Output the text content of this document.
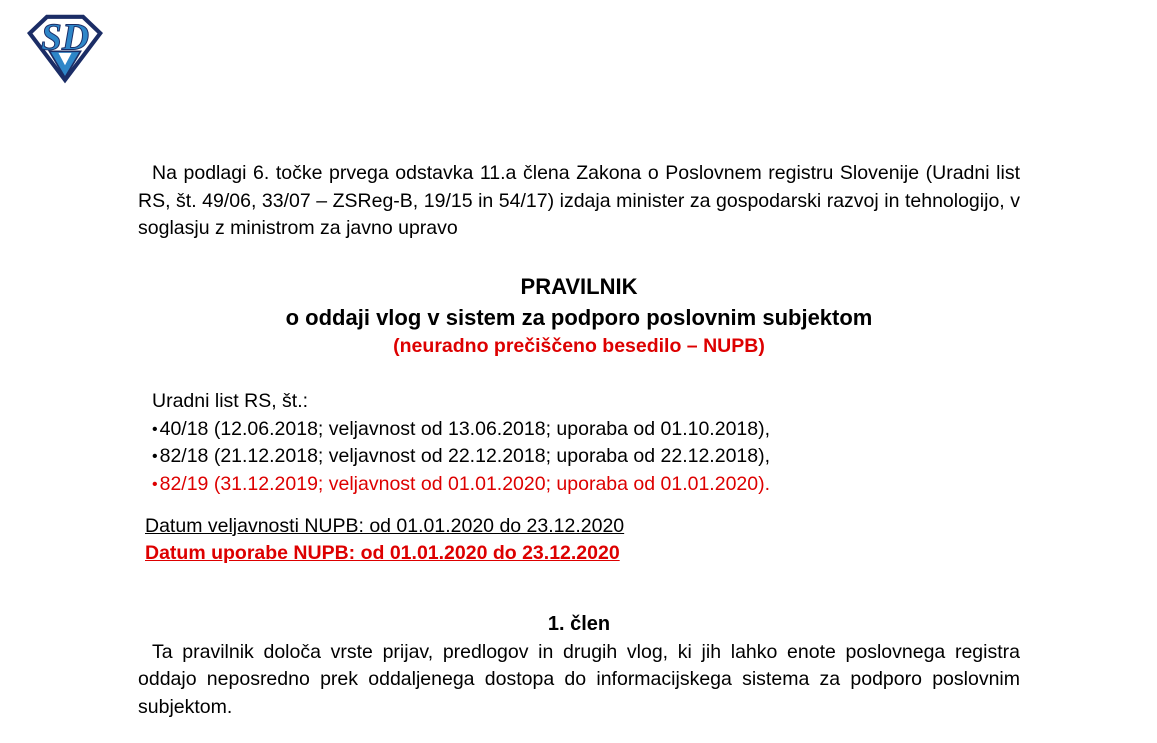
SD

Na podlagi 6. točke prvega odstavka 11.a člena Zakona o Poslovnem registru Slovenije (Uradni list RS, št. 49/06, 33/07 – ZSReg-B, 19/15 in 54/17) izdaja minister za gospodarski razvoj in tehnologijo, v soglasju z ministrom za javno upravo

PRAVILNIK
o oddaji vlog v sistem za podporo poslovnim subjektom
(neuradno prečiščeno besedilo – NUPB)
Uradni list RS, št.:
• 40/18 (12.06.2018; veljavnost od 13.06.2018; uporaba od 01.10.2018),
• 82/18 (21.12.2018; veljavnost od 22.12.2018; uporaba od 22.12.2018),
• 82/19 (31.12.2019; veljavnost od 01.01.2020; uporaba od 01.01.2020).
Datum veljavnosti NUPB: od 01.01.2020 do 23.12.2020
Datum uporabe NUPB: od 01.01.2020 do 23.12.2020
1. člen

Ta pravilnik določa vrste prijav, predlogov in drugih vlog, ki jih lahko enote poslovnega registra oddajo neposredno prek oddaljenega dostopa do informacijskega sistema za podporo poslovnim subjektom.
